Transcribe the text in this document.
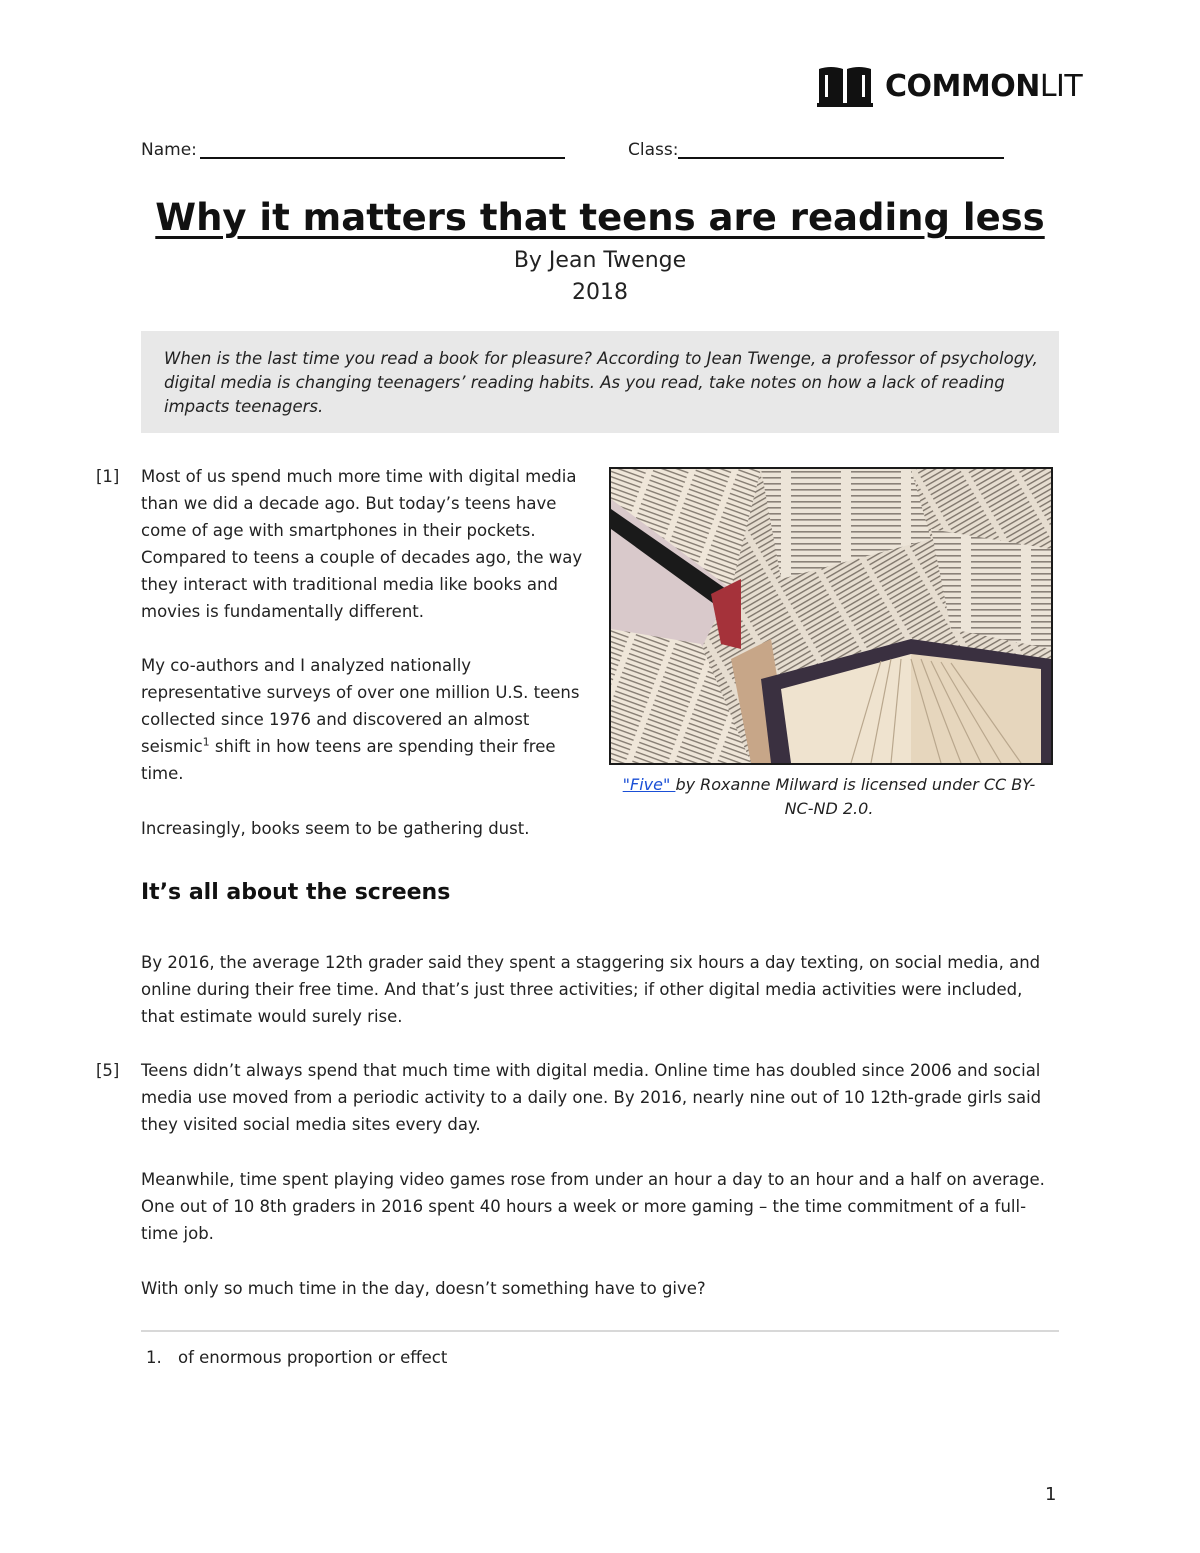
COMMONLIT
Name:	Class:
Why it matters that teens are reading less
By Jean Twenge
2018
When is the last time you read a book for pleasure? According to Jean Twenge, a professor of psychology, digital media is changing teenagers’ reading habits. As you read, take notes on how a lack of reading impacts teenagers.
[1] Most of us spend much more time with digital media than we did a decade ago. But today’s teens have come of age with smartphones in their pockets. Compared to teens a couple of decades ago, the way they interact with traditional media like books and movies is fundamentally different.
My co-authors and I analyzed nationally representative surveys of over one million U.S. teens collected since 1976 and discovered an almost seismic$^1$ shift in how teens are spending their free time.
Increasingly, books seem to be gathering dust.
"Five" by Roxanne Milward is licensed under CC BY-NC-ND 2.0.
It’s all about the screens
By 2016, the average 12th grader said they spent a staggering six hours a day texting, on social media, and online during their free time. And that’s just three activities; if other digital media activities were included, that estimate would surely rise.
[5] Teens didn’t always spend that much time with digital media. Online time has doubled since 2006 and social media use moved from a periodic activity to a daily one. By 2016, nearly nine out of 10 12th-grade girls said they visited social media sites every day.
Meanwhile, time spent playing video games rose from under an hour a day to an hour and a half on average. One out of 10 8th graders in 2016 spent 40 hours a week or more gaming – the time commitment of a full-time job.
With only so much time in the day, doesn’t something have to give?
1. of enormous proportion or effect
1
